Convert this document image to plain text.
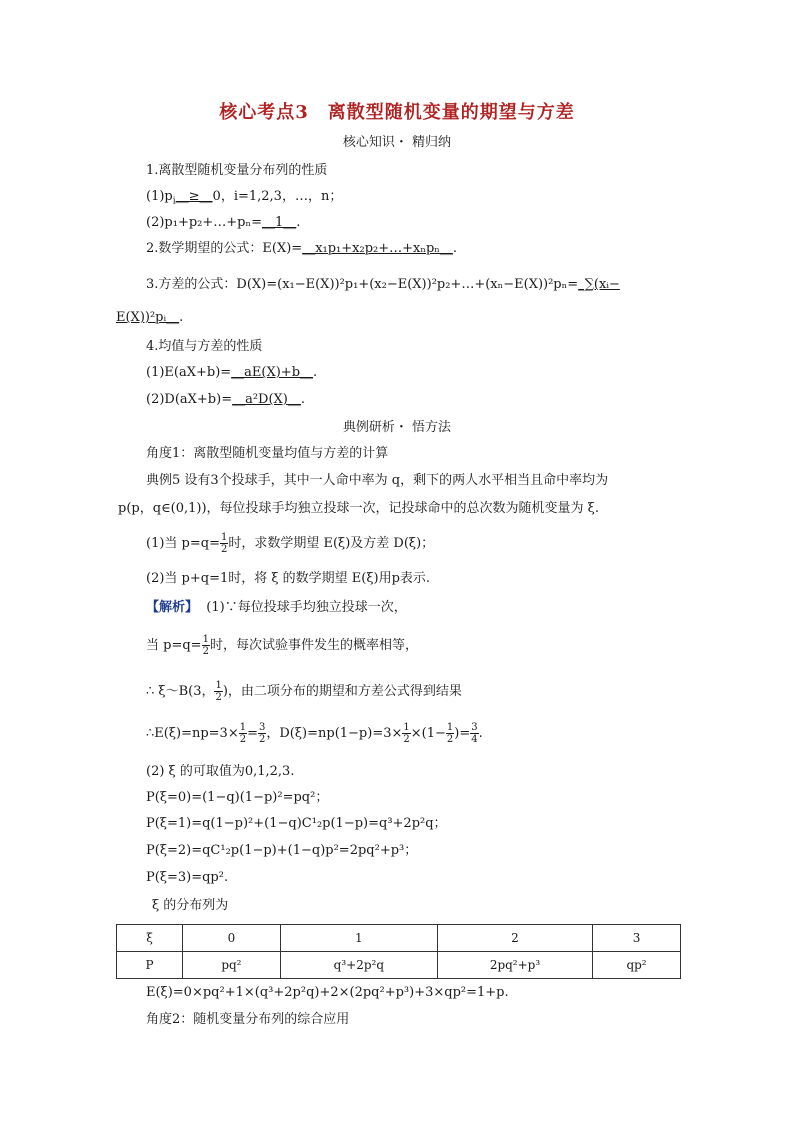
核心考点3　离散型随机变量的期望与方差
核心知识・ 精归纳
1.离散型随机变量分布列的性质
$(1)p_i\_\_\ge\_\_0$，i=1,2,3，…，n；
(2)p₁+p₂+…+pₙ=__1__.
2.数学期望的公式：E(X)=__x₁p₁+x₂p₂+…+xₙpₙ__.
3.方差的公式：D(X)=(x₁−E(X))²p₁+(x₂−E(X))²p₂+…+(xₙ−E(X))²pₙ=_∑(xᵢ−
E(X))²pᵢ__.
4.均值与方差的性质
(1)E(aX+b)=__aE(X)+b__.
(2)D(aX+b)=__a²D(X)__.
典例研析・ 悟方法
角度1：离散型随机变量均值与方差的计算
典例5 设有3个投球手，其中一人命中率为 q，剩下的两人水平相当且命中率均为
p(p，q∈(0,1))，每位投球手均独立投球一次，记投球命中的总次数为随机变量为 ξ.
(1)当 $p=q= \frac{1}{2}$ 时，求数学期望 E(ξ)及方差 D(ξ)；
(2)当 p+q=1时，将 ξ 的数学期望 E(ξ)用p表示.
【解析】 (1)∵每位投球手均独立投球一次，
当 $p=q= \frac{1}{2}$ 时，每次试验事件发生的概率相等，
∴ ξ～B(3， $\frac{1}{2}$ )，由二项分布的期望和方差公式得到结果
∴E(ξ)=np=3× $\frac{1}{2} = \frac{3}{2}$ ，$D(\xi)=np(1-p)=3\times \frac{1}{2} \times(1- \frac{1}{2}$ )= $\frac{3}{4}$ .
(2) ξ 的可取值为0,1,2,3.
P(ξ=0)=(1−q)(1−p)²=pq²；
P(ξ=1)=q(1−p)²+(1−q)C¹₂p(1−p)=q³+2p²q；
P(ξ=2)=qC¹₂p(1−p)+(1−q)p²=2pq²+p³；
P(ξ=3)=qp².
ξ 的分布列为
ξ	0	1	2	3
P	pq²	q³+2p²q	2pq²+p³	qp²
E(ξ)=0×pq²+1×(q³+2p²q)+2×(2pq²+p³)+3×qp²=1+p.
角度2：随机变量分布列的综合应用
